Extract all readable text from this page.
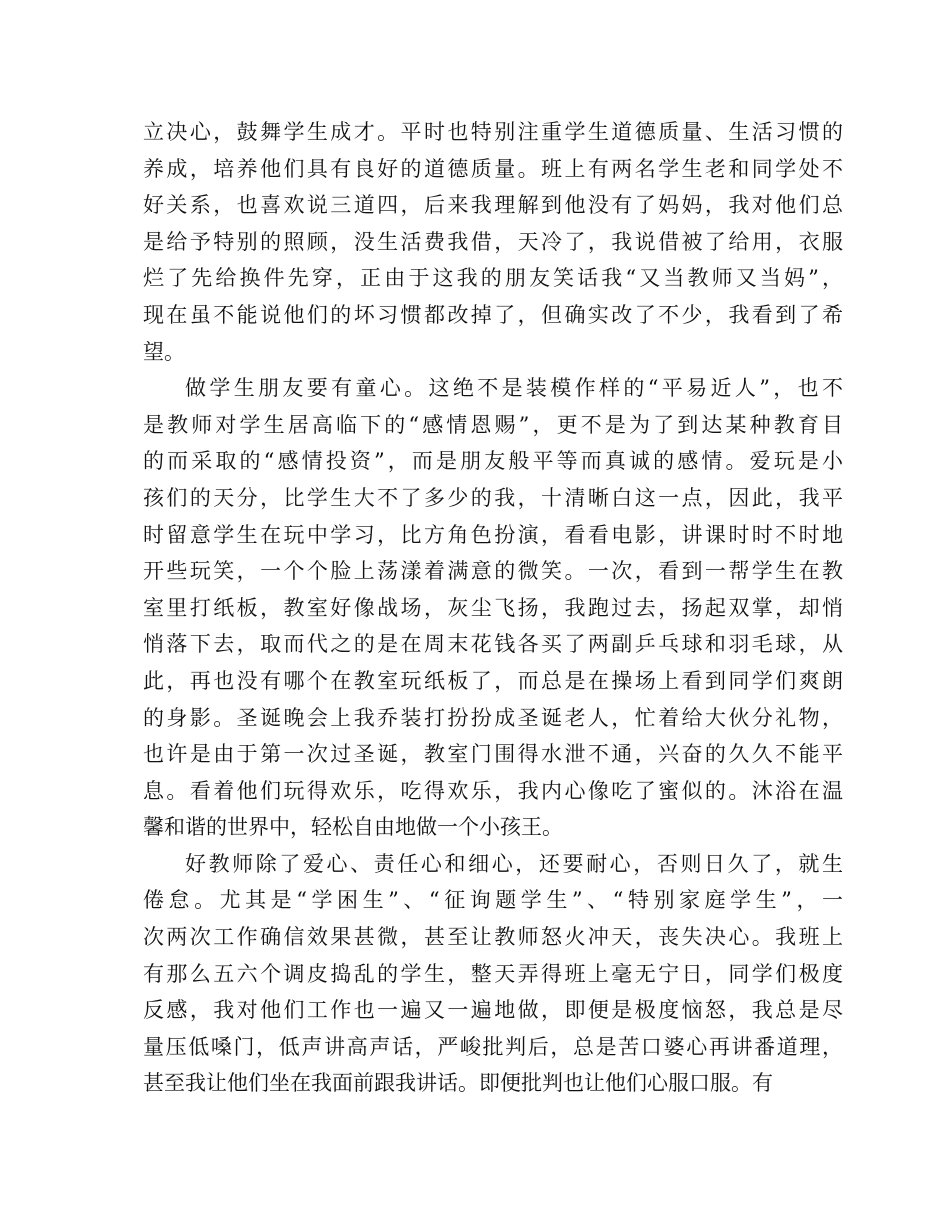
立决心，鼓舞学生成才。平时也特别注重学生道德质量、生活习惯的
养成，培养他们具有良好的道德质量。班上有两名学生老和同学处不
好关系，也喜欢说三道四，后来我理解到他没有了妈妈，我对他们总
是给予特别的照顾，没生活费我借，天冷了，我说借被了给用，衣服
烂了先给换件先穿，正由于这我的朋友笑话我“又当教师又当妈”，
现在虽不能说他们的坏习惯都改掉了，但确实改了不少，我看到了希
望。
做学生朋友要有童心。这绝不是装模作样的“平易近人”，也不
是教师对学生居高临下的“感情恩赐”，更不是为了到达某种教育目
的而采取的“感情投资”，而是朋友般平等而真诚的感情。爱玩是小
孩们的天分，比学生大不了多少的我，十清晰白这一点，因此，我平
时留意学生在玩中学习，比方角色扮演，看看电影，讲课时时不时地
开些玩笑，一个个脸上荡漾着满意的微笑。一次，看到一帮学生在教
室里打纸板，教室好像战场，灰尘飞扬，我跑过去，扬起双掌，却悄
悄落下去，取而代之的是在周末花钱各买了两副乒乓球和羽毛球，从
此，再也没有哪个在教室玩纸板了，而总是在操场上看到同学们爽朗
的身影。圣诞晚会上我乔装打扮扮成圣诞老人，忙着给大伙分礼物，
也许是由于第一次过圣诞，教室门围得水泄不通，兴奋的久久不能平
息。看着他们玩得欢乐，吃得欢乐，我内心像吃了蜜似的。沐浴在温
馨和谐的世界中，轻松自由地做一个小孩王。
好教师除了爱心、责任心和细心，还要耐心，否则日久了，就生
倦怠。尤其是“学困生”、“征询题学生”、“特别家庭学生”，一
次两次工作确信效果甚微，甚至让教师怒火冲天，丧失决心。我班上
有那么五六个调皮捣乱的学生，整天弄得班上毫无宁日，同学们极度
反感，我对他们工作也一遍又一遍地做，即便是极度恼怒，我总是尽
量压低嗓门，低声讲高声话，严峻批判后，总是苦口婆心再讲番道理，
甚至我让他们坐在我面前跟我讲话。即便批判也让他们心服口服。有
